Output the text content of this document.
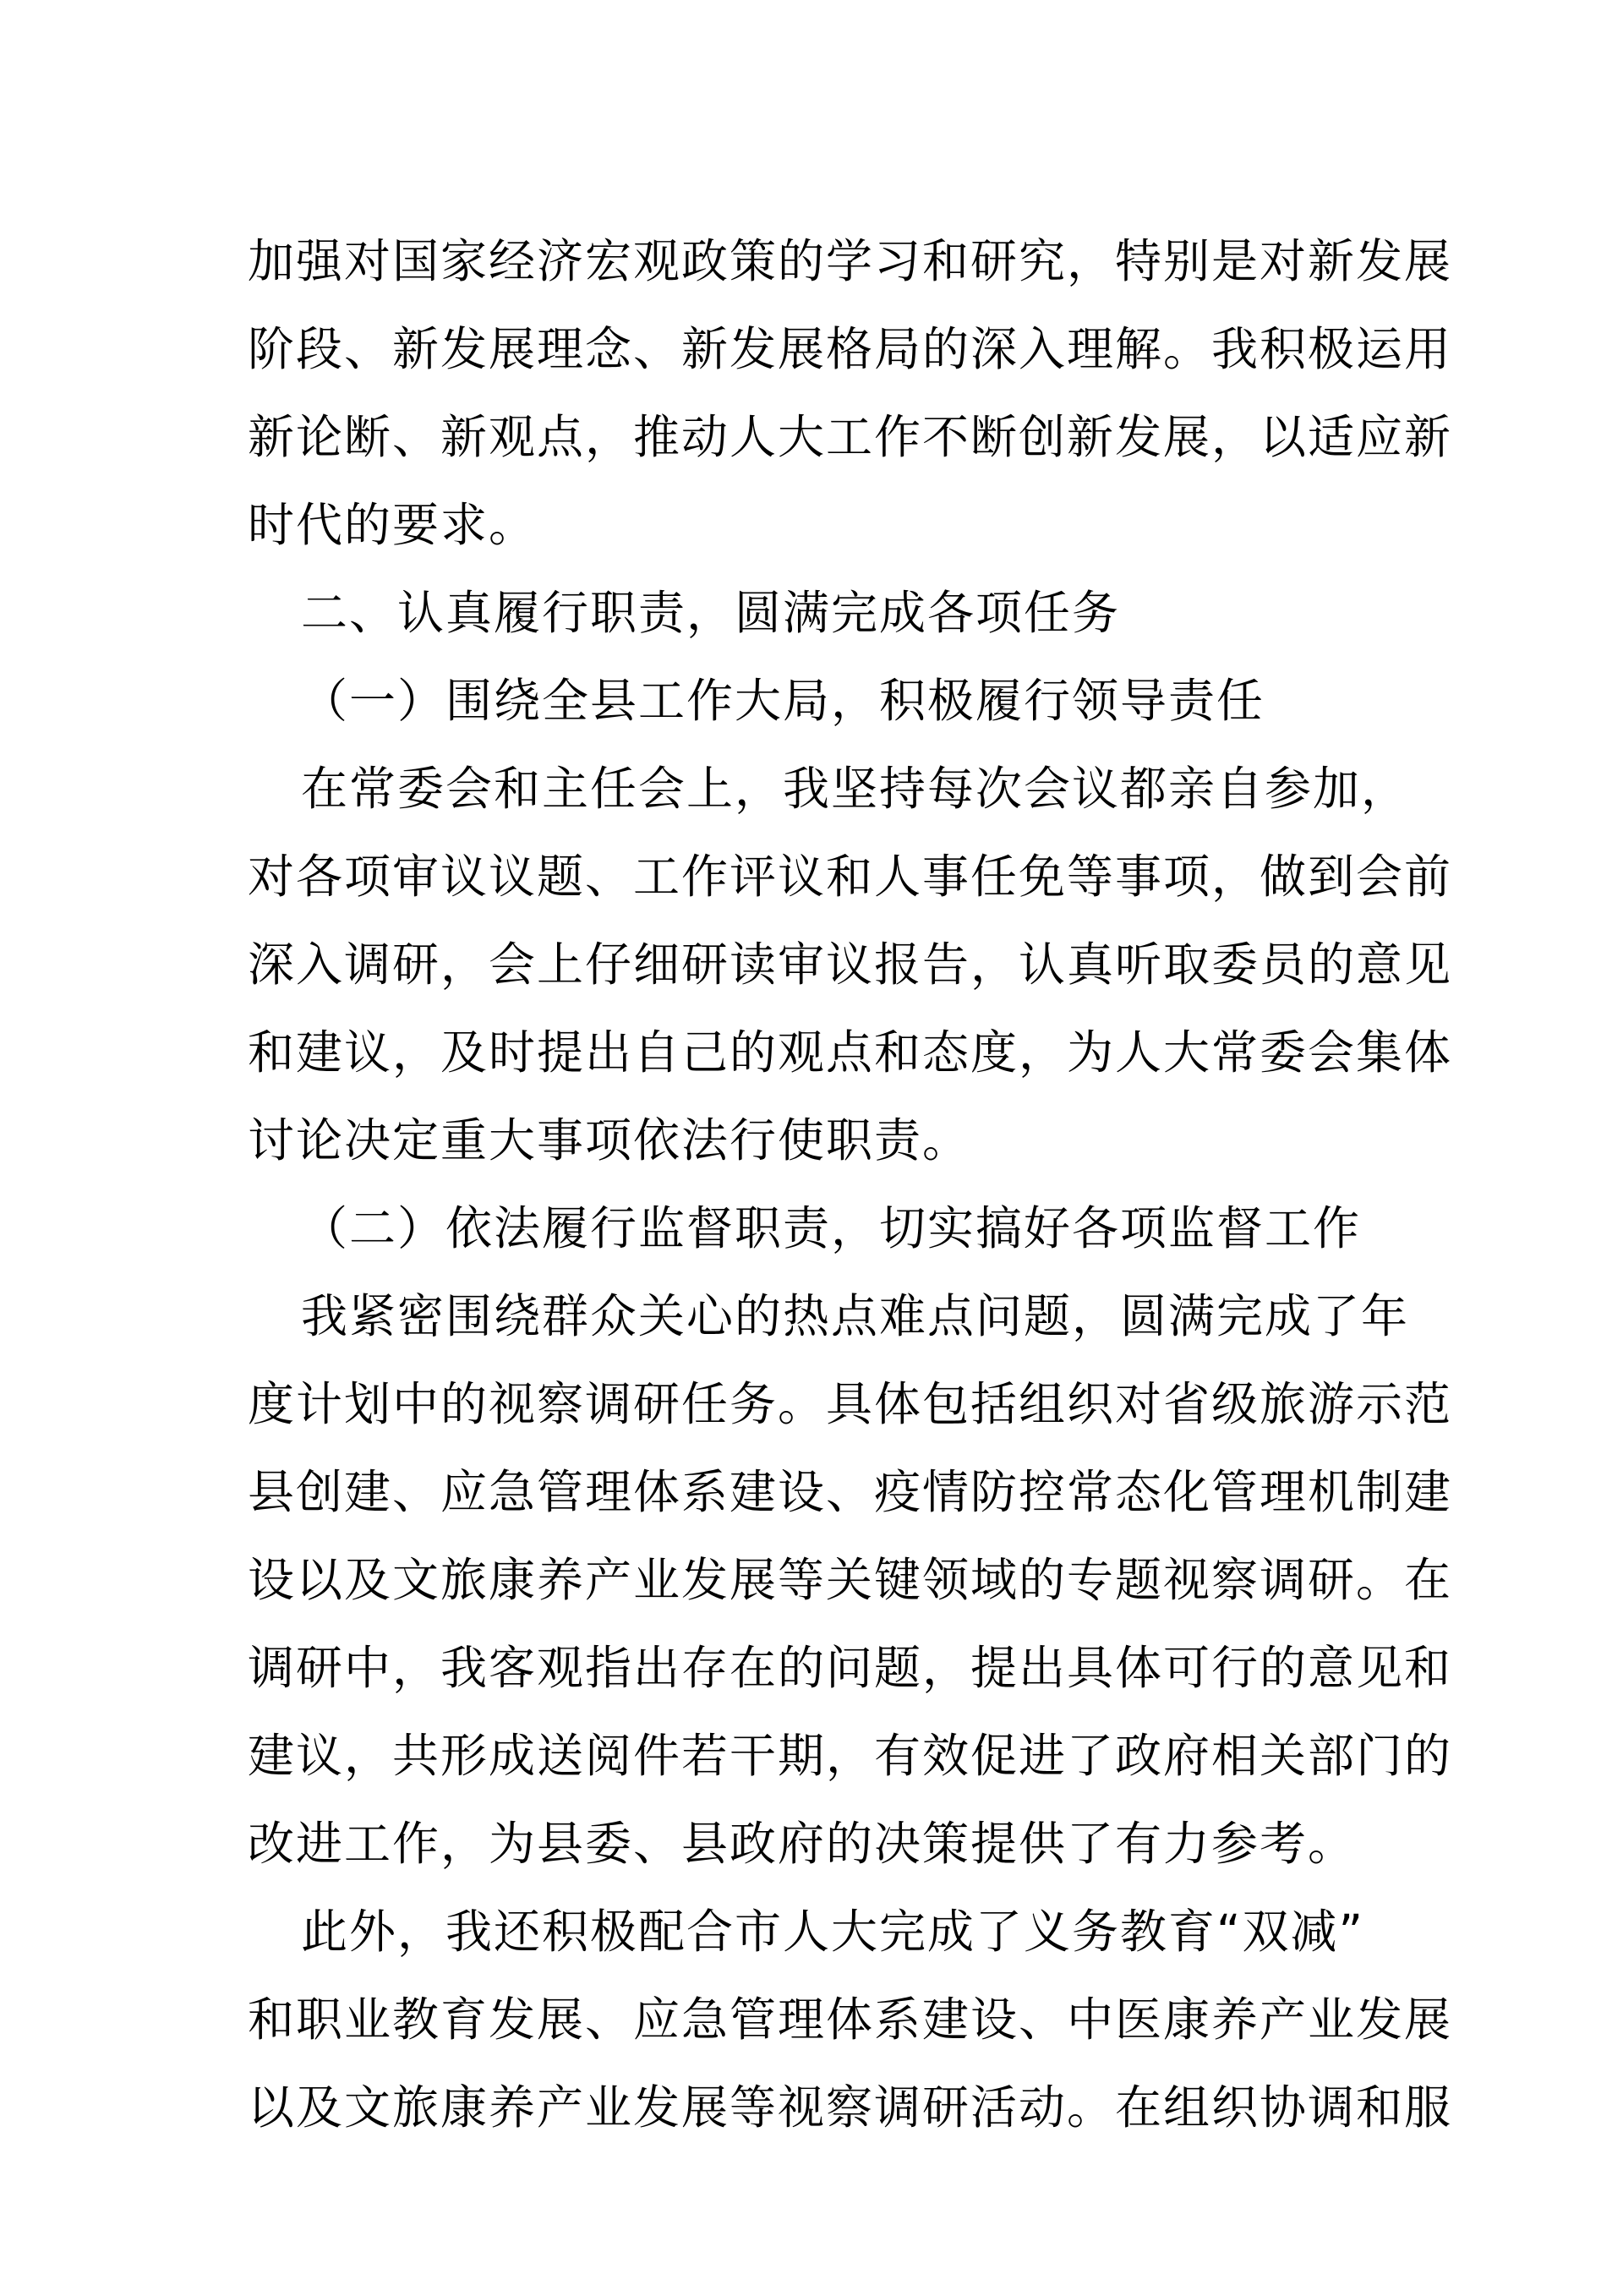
加强对国家经济宏观政策的学习和研究，特别是对新发展
阶段、新发展理念、新发展格局的深入理解。我积极运用
新论断、新观点，推动人大工作不断创新发展，以适应新
时代的要求。
二、认真履行职责，圆满完成各项任务
（一）围绕全县工作大局，积极履行领导责任
在常委会和主任会上，我坚持每次会议都亲自参加，
对各项审议议题、工作评议和人事任免等事项，做到会前
深入调研，会上仔细研读审议报告，认真听取委员的意见
和建议，及时提出自己的观点和态度，为人大常委会集体
讨论决定重大事项依法行使职责。
（二）依法履行监督职责，切实搞好各项监督工作
我紧密围绕群众关心的热点难点问题，圆满完成了年
度计划中的视察调研任务。具体包括组织对省级旅游示范
县创建、应急管理体系建设、疫情防控常态化管理机制建
设以及文旅康养产业发展等关键领域的专题视察调研。在
调研中，我客观指出存在的问题，提出具体可行的意见和
建议，共形成送阅件若干期，有效促进了政府相关部门的
改进工作，为县委、县政府的决策提供了有力参考。
此外，我还积极配合市人大完成了义务教育“双减”
和职业教育发展、应急管理体系建设、中医康养产业发展
以及文旅康养产业发展等视察调研活动。在组织协调和服
